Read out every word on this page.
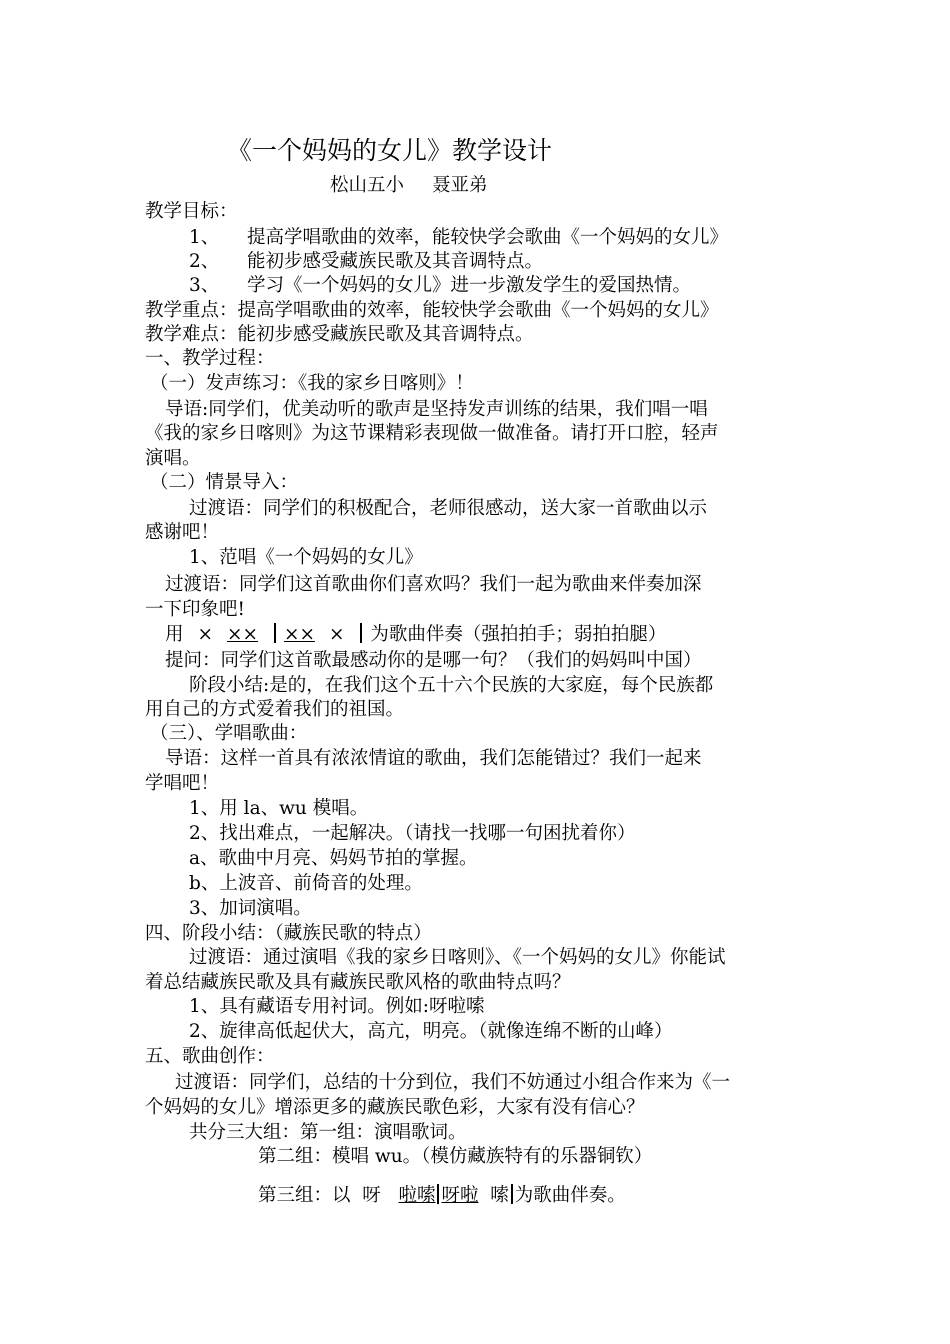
《一个妈妈的女儿》教学设计
松山五小 聂亚弟

教学目标：

1、 提高学唱歌曲的效率，能较快学会歌曲《一个妈妈的女儿》

2、 能初步感受藏族民歌及其音调特点。

3、 学习《一个妈妈的女儿》进一步激发学生的爱国热情。

教学重点：提高学唱歌曲的效率，能较快学会歌曲《一个妈妈的女儿》

教学难点：能初步感受藏族民歌及其音调特点。

一、教学过程：

（一）发声练习：《我的家乡日喀则》！

导语:同学们，优美动听的歌声是坚持发声训练的结果，我们唱一唱

《我的家乡日喀则》为这节课精彩表现做一做准备。请打开口腔，轻声

演唱。

（二）情景导入：

过渡语：同学们的积极配合，老师很感动，送大家一首歌曲以示

感谢吧！

1、范唱《一个妈妈的女儿》

过渡语：同学们这首歌曲你们喜欢吗？我们一起为歌曲来伴奏加深

一下印象吧!

用 × ×× ×× × 为歌曲伴奏（强拍拍手；弱拍拍腿）

提问：同学们这首歌最感动你的是哪一句？（我们的妈妈叫中国）

阶段小结:是的，在我们这个五十六个民族的大家庭，每个民族都

用自己的方式爱着我们的祖国。

（三）、学唱歌曲：

导语：这样一首具有浓浓情谊的歌曲，我们怎能错过？我们一起来

学唱吧！

1、用 la、wu 模唱。

2、找出难点，一起解决。（请找一找哪一句困扰着你）

a、歌曲中月亮、妈妈节拍的掌握。

b、上波音、前倚音的处理。

3、加词演唱。

四、阶段小结：（藏族民歌的特点）

过渡语：通过演唱《我的家乡日喀则》、《一个妈妈的女儿》你能试

着总结藏族民歌及具有藏族民歌风格的歌曲特点吗？

1、具有藏语专用衬词。例如:呀啦嗦

2、旋律高低起伏大，高亢，明亮。（就像连绵不断的山峰）

五、歌曲创作：

过渡语：同学们，总结的十分到位，我们不妨通过小组合作来为《一

个妈妈的女儿》增添更多的藏族民歌色彩，大家有没有信心？

共分三大组：第一组：演唱歌词。

第二组：模唱 wu。（模仿藏族特有的乐器铜钦）

第三组：以 呀 啦嗦 呀啦 嗦 为歌曲伴奏。
